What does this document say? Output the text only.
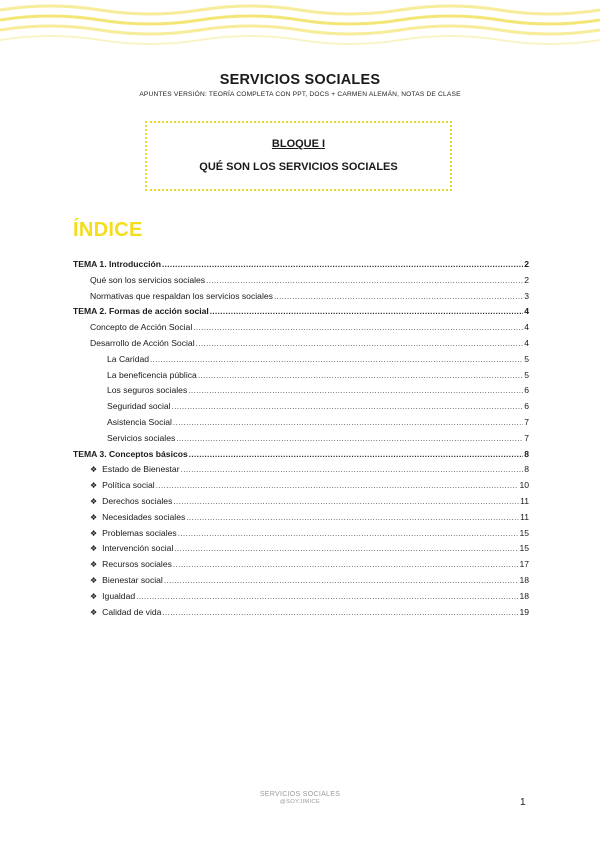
SERVICIOS SOCIALES
APUNTES VERSIÓN: TEORÍA COMPLETA CON PPT, DOCS + CARMEN ALEMÁN, NOTAS DE CLASE
BLOQUE I
QUÉ SON LOS SERVICIOS SOCIALES
ÍNDICE
TEMA 1. Introducción .....	2
Qué son los servicios sociales .....	2
Normativas que respaldan los servicios sociales .....	3
TEMA 2. Formas de acción social .....	4
Concepto de Acción Social .....	4
Desarrollo de Acción Social .....	4
La Caridad .....	5
La beneficencia pública .....	5
Los seguros sociales .....	6
Seguridad social .....	6
Asistencia Social .....	7
Servicios sociales .....	7
TEMA 3. Conceptos básicos .....	8
❖ Estado de Bienestar .....	8
❖ Política social .....	10
❖ Derechos sociales .....	11
❖ Necesidades sociales .....	11
❖ Problemas sociales .....	15
❖ Intervención social .....	15
❖ Recursos sociales .....	17
❖ Bienestar social .....	18
❖ Igualdad .....	18
❖ Calidad de vida .....	19
SERVICIOS SOCIALES
@SOYJIMICE	1
